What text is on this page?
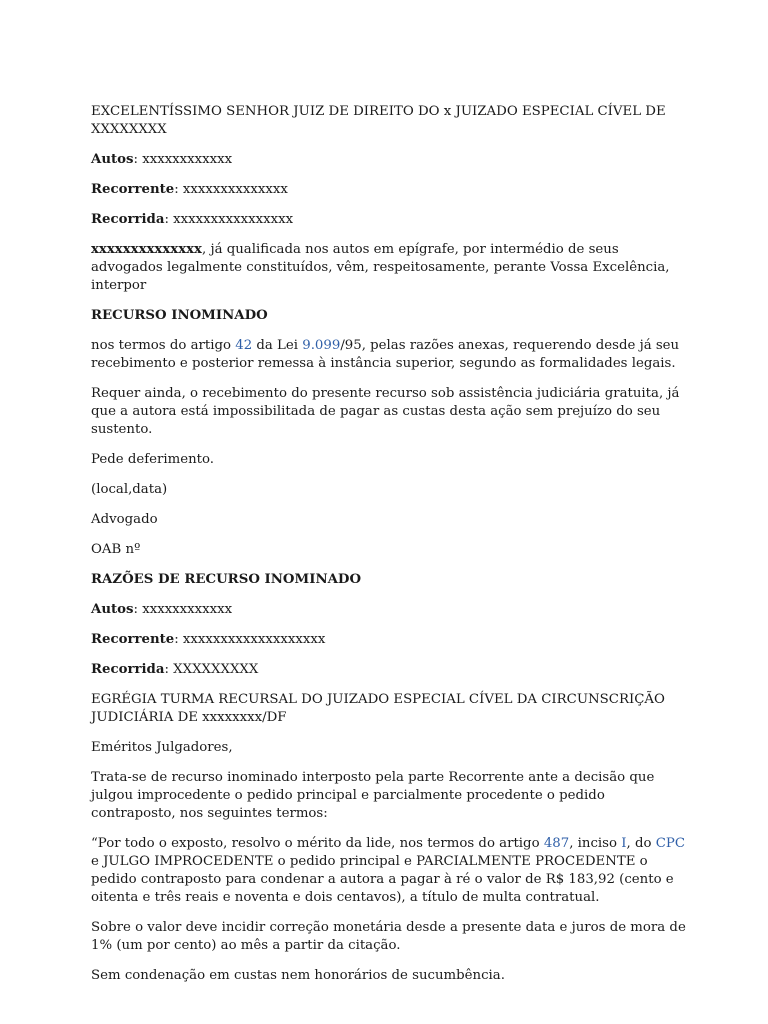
EXCELENTÍSSIMO SENHOR JUIZ DE DIREITO DO x JUIZADO ESPECIAL CÍVEL DE XXXXXXXX

Autos: xxxxxxxxxxxx

Recorrente: xxxxxxxxxxxxxx

Recorrida: xxxxxxxxxxxxxxxx

xxxxxxxxxxxxxx, já qualificada nos autos em epígrafe, por intermédio de seus advogados legalmente constituídos, vêm, respeitosamente, perante Vossa Excelência, interpor

RECURSO INOMINADO

nos termos do artigo 42 da Lei 9.099/95, pelas razões anexas, requerendo desde já seu recebimento e posterior remessa à instância superior, segundo as formalidades legais.

Requer ainda, o recebimento do presente recurso sob assistência judiciária gratuita, já que a autora está impossibilitada de pagar as custas desta ação sem prejuízo do seu sustento.

Pede deferimento.

(local,data)

Advogado

OAB nº

RAZÕES DE RECURSO INOMINADO

Autos: xxxxxxxxxxxx

Recorrente: xxxxxxxxxxxxxxxxxxx

Recorrida: XXXXXXXXX

EGRÉGIA TURMA RECURSAL DO JUIZADO ESPECIAL CÍVEL DA CIRCUNSCRIÇÃO JUDICIÁRIA DE xxxxxxxx/DF

Eméritos Julgadores,

Trata-se de recurso inominado interposto pela parte Recorrente ante a decisão que julgou improcedente o pedido principal e parcialmente procedente o pedido contraposto, nos seguintes termos:

“Por todo o exposto, resolvo o mérito da lide, nos termos do artigo 487, inciso I, do CPC e JULGO IMPROCEDENTE o pedido principal e PARCIALMENTE PROCEDENTE o pedido contraposto para condenar a autora a pagar à ré o valor de R$ 183,92 (cento e oitenta e três reais e noventa e dois centavos), a título de multa contratual.

Sobre o valor deve incidir correção monetária desde a presente data e juros de mora de 1% (um por cento) ao mês a partir da citação.

Sem condenação em custas nem honorários de sucumbência.
